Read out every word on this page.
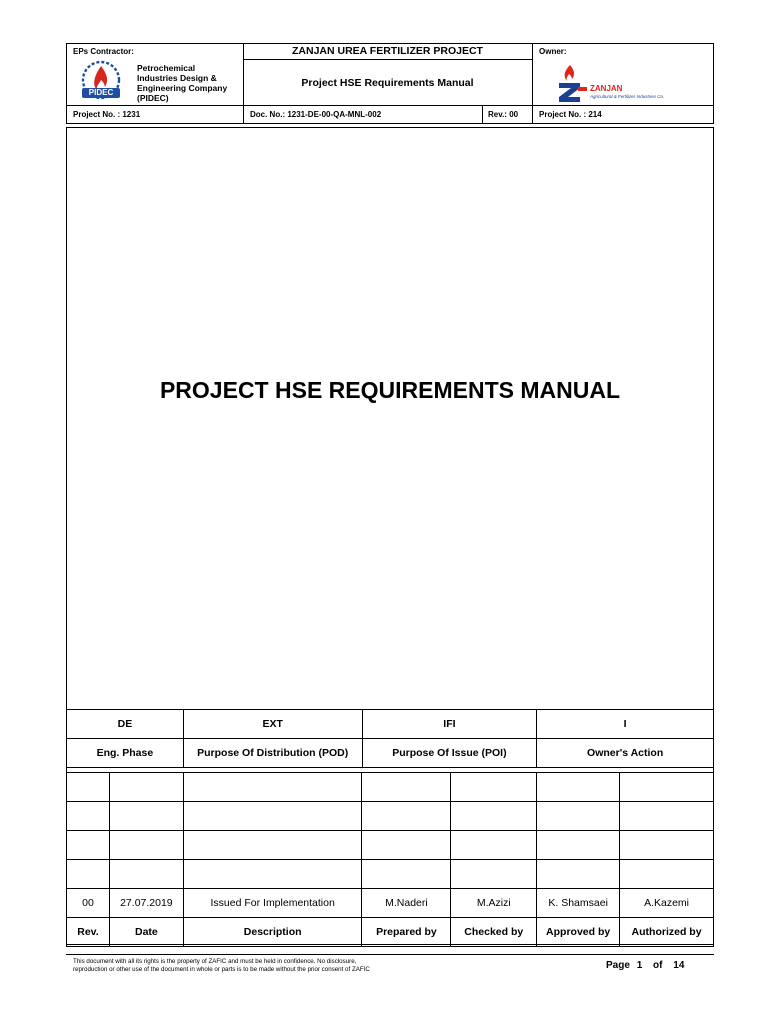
EPs Contractor:
PIDEC
Petrochemical
Industries Design &
Engineering Company
(PIDEC)
ZANJAN UREA FERTILIZER PROJECT
Project HSE Requirements Manual
Owner:
ZANJAN
Agricultural & Fertilizer Industries Co.
Project No. : 1231	Doc. No.: 1231-DE-00-QA-MNL-002	Rev.: 00	Project No. : 214
PROJECT HSE REQUIREMENTS MANUAL
DE	EXT	IFI	I
Eng. Phase	Purpose Of Distribution (POD)	Purpose Of Issue (POI)	Owner's Action

00	27.07.2019	Issued For Implementation	M.Naderi	M.Azizi	K. Shamsaei	A.Kazemi
Rev.	Date	Description	Prepared by	Checked by	Approved by	Authorized by
This document with all its rights is the property of ZAFIC and must be held in confidence. No disclosure,
reproduction or other use of the document in whole or parts is to be made without the prior consent of ZAFIC	Page 1 of 14
